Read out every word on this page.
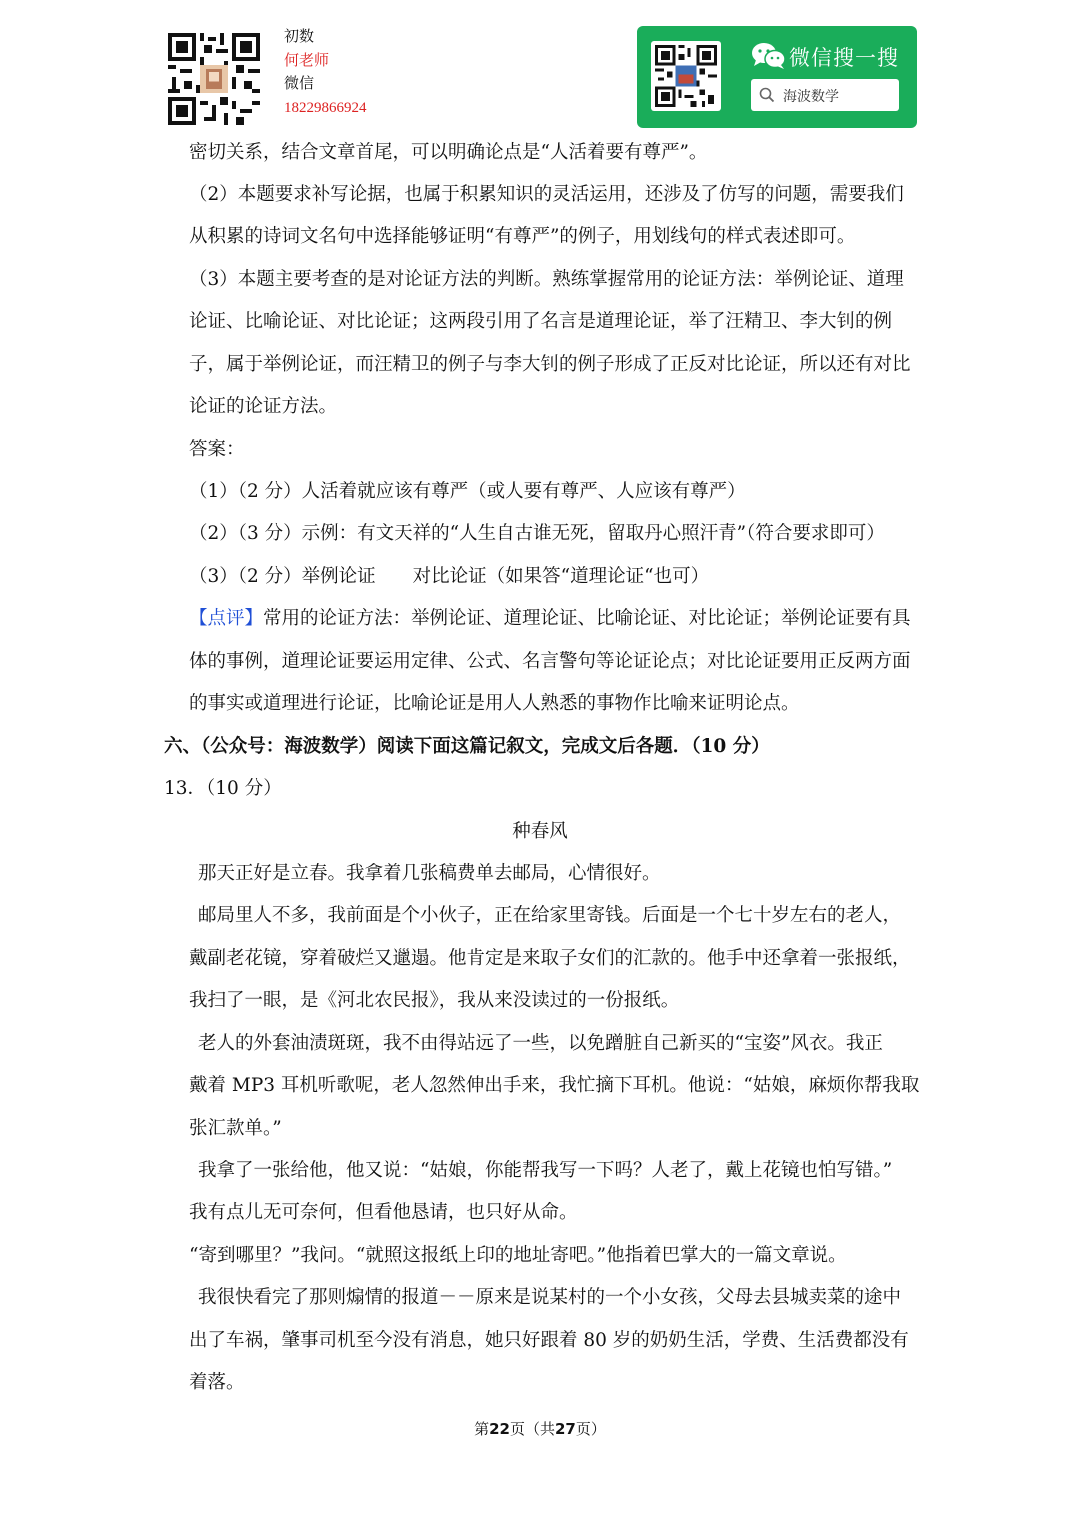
初数
何老师
微信
18229866924
微信搜一搜
海波数学
密切关系，结合文章首尾，可以明确论点是“人活着要有尊严”。
（2）本题要求补写论据，也属于积累知识的灵活运用，还涉及了仿写的问题，需要我们
从积累的诗词文名句中选择能够证明“有尊严”的例子，用划线句的样式表述即可。
（3）本题主要考查的是对论证方法的判断。熟练掌握常用的论证方法：举例论证、道理
论证、比喻论证、对比论证；这两段引用了名言是道理论证，举了汪精卫、李大钊的例
子，属于举例论证，而汪精卫的例子与李大钊的例子形成了正反对比论证，所以还有对比
论证的论证方法。
答案：
（1）（2 分）人活着就应该有尊严（或人要有尊严、人应该有尊严）
（2）（3 分）示例：有文天祥的“人生自古谁无死，留取丹心照汗青”（符合要求即可）
（3）（2 分）举例论证　　对比论证（如果答“道理论证“也可）
【点评】常用的论证方法：举例论证、道理论证、比喻论证、对比论证；举例论证要有具
体的事例，道理论证要运用定律、公式、名言警句等论证论点；对比论证要用正反两方面
的事实或道理进行论证，比喻论证是用人人熟悉的事物作比喻来证明论点。
六、（公众号：海波数学）阅读下面这篇记叙文，完成文后各题．（10 分）
13．（10 分）
种春风
那天正好是立春。我拿着几张稿费单去邮局，心情很好。
邮局里人不多，我前面是个小伙子，正在给家里寄钱。后面是一个七十岁左右的老人，
戴副老花镜，穿着破烂又邋遢。他肯定是来取子女们的汇款的。他手中还拿着一张报纸，
我扫了一眼，是《河北农民报》，我从来没读过的一份报纸。
老人的外套油渍斑斑，我不由得站远了一些，以免蹭脏自己新买的“宝姿”风衣。我正
戴着 MP3 耳机听歌呢，老人忽然伸出手来，我忙摘下耳机。他说：“姑娘，麻烦你帮我取
张汇款单。”
我拿了一张给他，他又说：“姑娘，你能帮我写一下吗？人老了，戴上花镜也怕写错。”
我有点儿无可奈何，但看他恳请，也只好从命。
“寄到哪里？”我问。“就照这报纸上印的地址寄吧。”他指着巴掌大的一篇文章说。
我很快看完了那则煽情的报道－－原来是说某村的一个小女孩，父母去县城卖菜的途中
出了车祸，肇事司机至今没有消息，她只好跟着 80 岁的奶奶生活，学费、生活费都没有
着落。
第22页（共27页）
